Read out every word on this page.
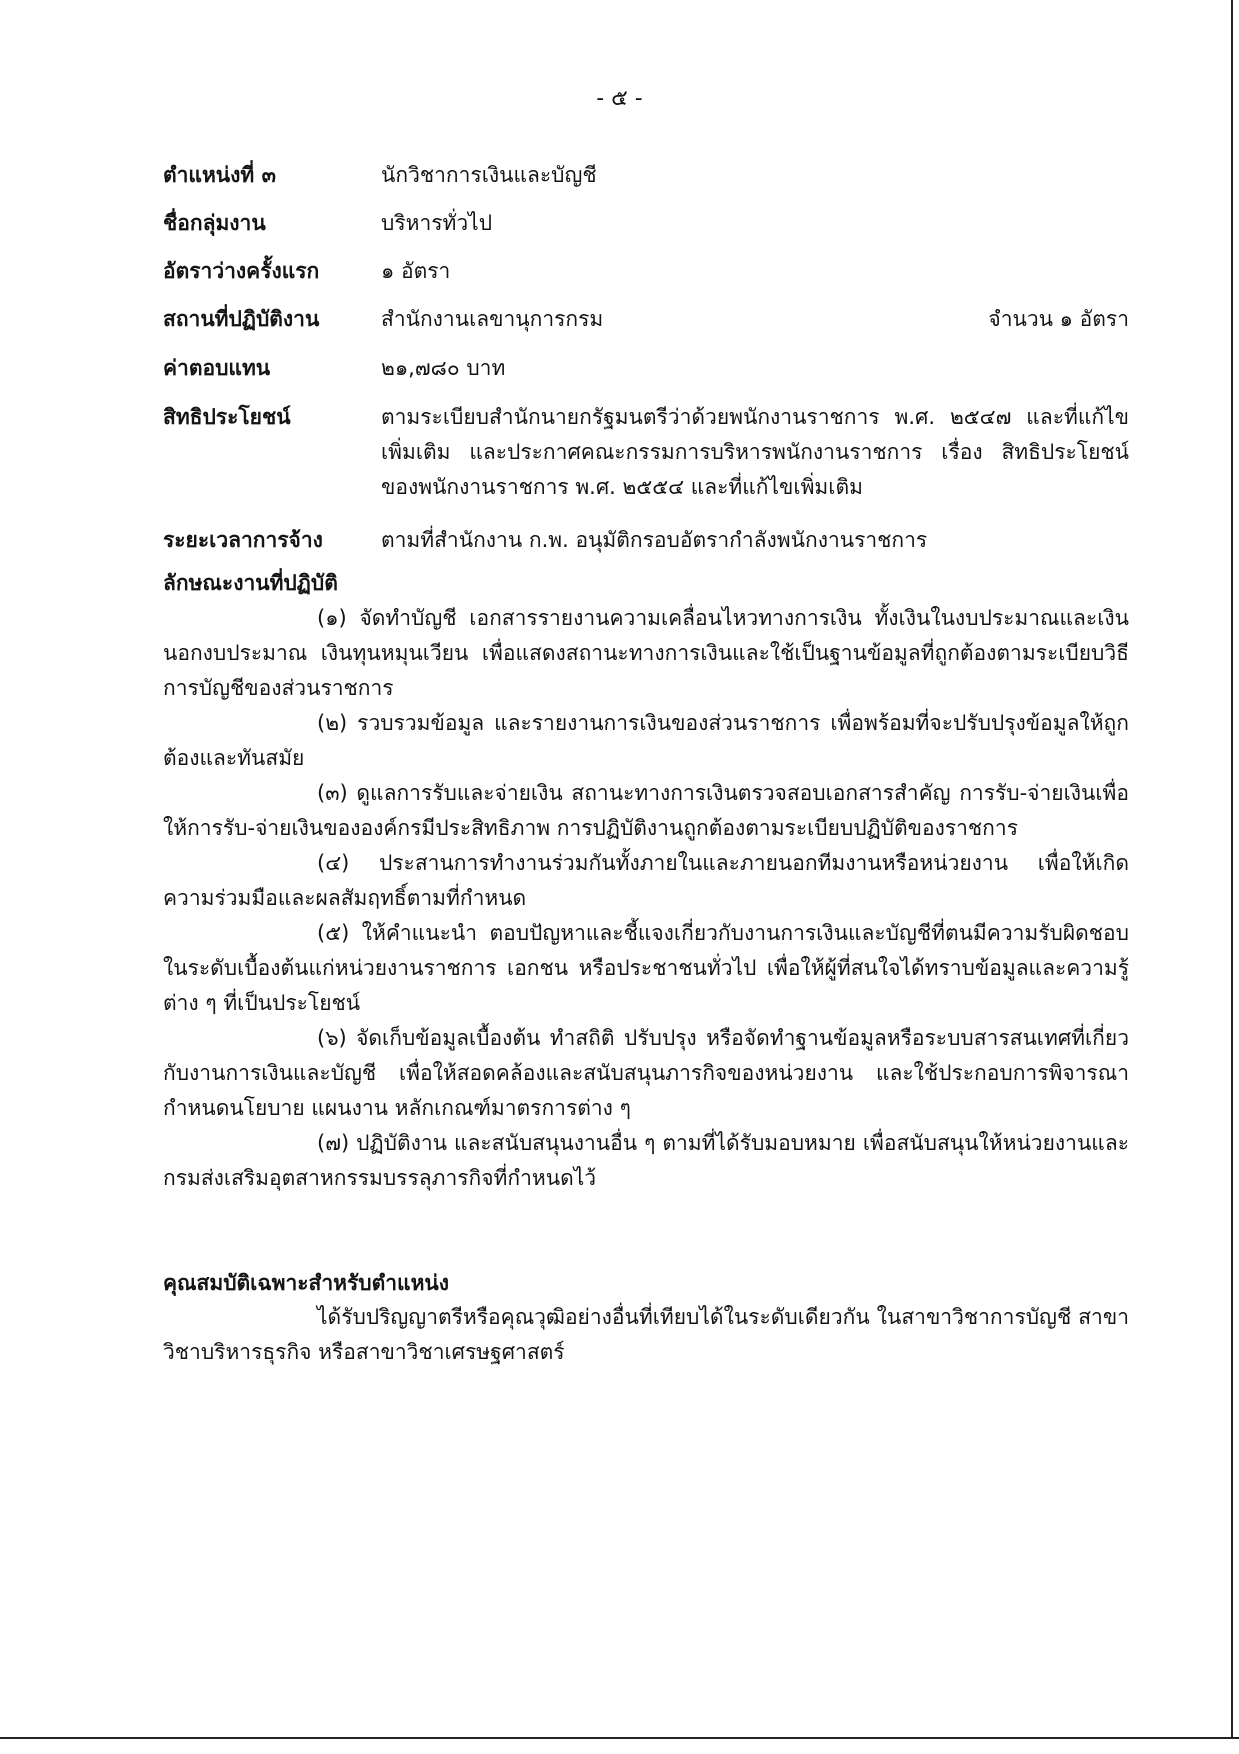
- ๕ -
ตำแหน่งที่ ๓	นักวิชาการเงินและบัญชี
ชื่อกลุ่มงาน	บริหารทั่วไป
อัตราว่างครั้งแรก	๑ อัตรา
สถานที่ปฏิบัติงาน	สำนักงานเลขานุการกรม	จำนวน ๑ อัตรา
ค่าตอบแทน	๒๑,๗๘๐ บาท
สิทธิประโยชน์	ตามระเบียบสำนักนายกรัฐมนตรีว่าด้วยพนักงานราชการ พ.ศ. ๒๕๔๗ และที่แก้ไขเพิ่มเติม และประกาศคณะกรรมการบริหารพนักงานราชการ เรื่อง สิทธิประโยชน์ของพนักงานราชการ พ.ศ. ๒๕๕๔ และที่แก้ไขเพิ่มเติม
ระยะเวลาการจ้าง	ตามที่สำนักงาน ก.พ. อนุมัติกรอบอัตรากำลังพนักงานราชการ
ลักษณะงานที่ปฏิบัติ

(๑) จัดทำบัญชี เอกสารรายงานความเคลื่อนไหวทางการเงิน ทั้งเงินในงบประมาณและเงินนอกงบประมาณ เงินทุนหมุนเวียน เพื่อแสดงสถานะทางการเงินและใช้เป็นฐานข้อมูลที่ถูกต้องตามระเบียบวิธีการบัญชีของส่วนราชการ

(๒) รวบรวมข้อมูล และรายงานการเงินของส่วนราชการ เพื่อพร้อมที่จะปรับปรุงข้อมูลให้ถูกต้องและทันสมัย

(๓) ดูแลการรับและจ่ายเงิน สถานะทางการเงินตรวจสอบเอกสารสำคัญ การรับ-จ่ายเงินเพื่อให้การรับ-จ่ายเงินขององค์กรมีประสิทธิภาพ การปฏิบัติงานถูกต้องตามระเบียบปฏิบัติของราชการ

(๔) ประสานการทำงานร่วมกันทั้งภายในและภายนอกทีมงานหรือหน่วยงาน เพื่อให้เกิดความร่วมมือและผลสัมฤทธิ์ตามที่กำหนด

(๕) ให้คำแนะนำ ตอบปัญหาและชี้แจงเกี่ยวกับงานการเงินและบัญชีที่ตนมีความรับผิดชอบในระดับเบื้องต้นแก่หน่วยงานราชการ เอกชน หรือประชาชนทั่วไป เพื่อให้ผู้ที่สนใจได้ทราบข้อมูลและความรู้ต่าง ๆ ที่เป็นประโยชน์

(๖) จัดเก็บข้อมูลเบื้องต้น ทำสถิติ ปรับปรุง หรือจัดทำฐานข้อมูลหรือระบบสารสนเทศที่เกี่ยวกับงานการเงินและบัญชี เพื่อให้สอดคล้องและสนับสนุนภารกิจของหน่วยงาน และใช้ประกอบการพิจารณากำหนดนโยบาย แผนงาน หลักเกณฑ์มาตรการต่าง ๆ

(๗) ปฏิบัติงาน และสนับสนุนงานอื่น ๆ ตามที่ได้รับมอบหมาย เพื่อสนับสนุนให้หน่วยงานและกรมส่งเสริมอุตสาหกรรมบรรลุภารกิจที่กำหนดไว้

คุณสมบัติเฉพาะสำหรับตำแหน่ง

ได้รับปริญญาตรีหรือคุณวุฒิอย่างอื่นที่เทียบได้ในระดับเดียวกัน ในสาขาวิชาการบัญชี สาขาวิชาบริหารธุรกิจ หรือสาขาวิชาเศรษฐศาสตร์
